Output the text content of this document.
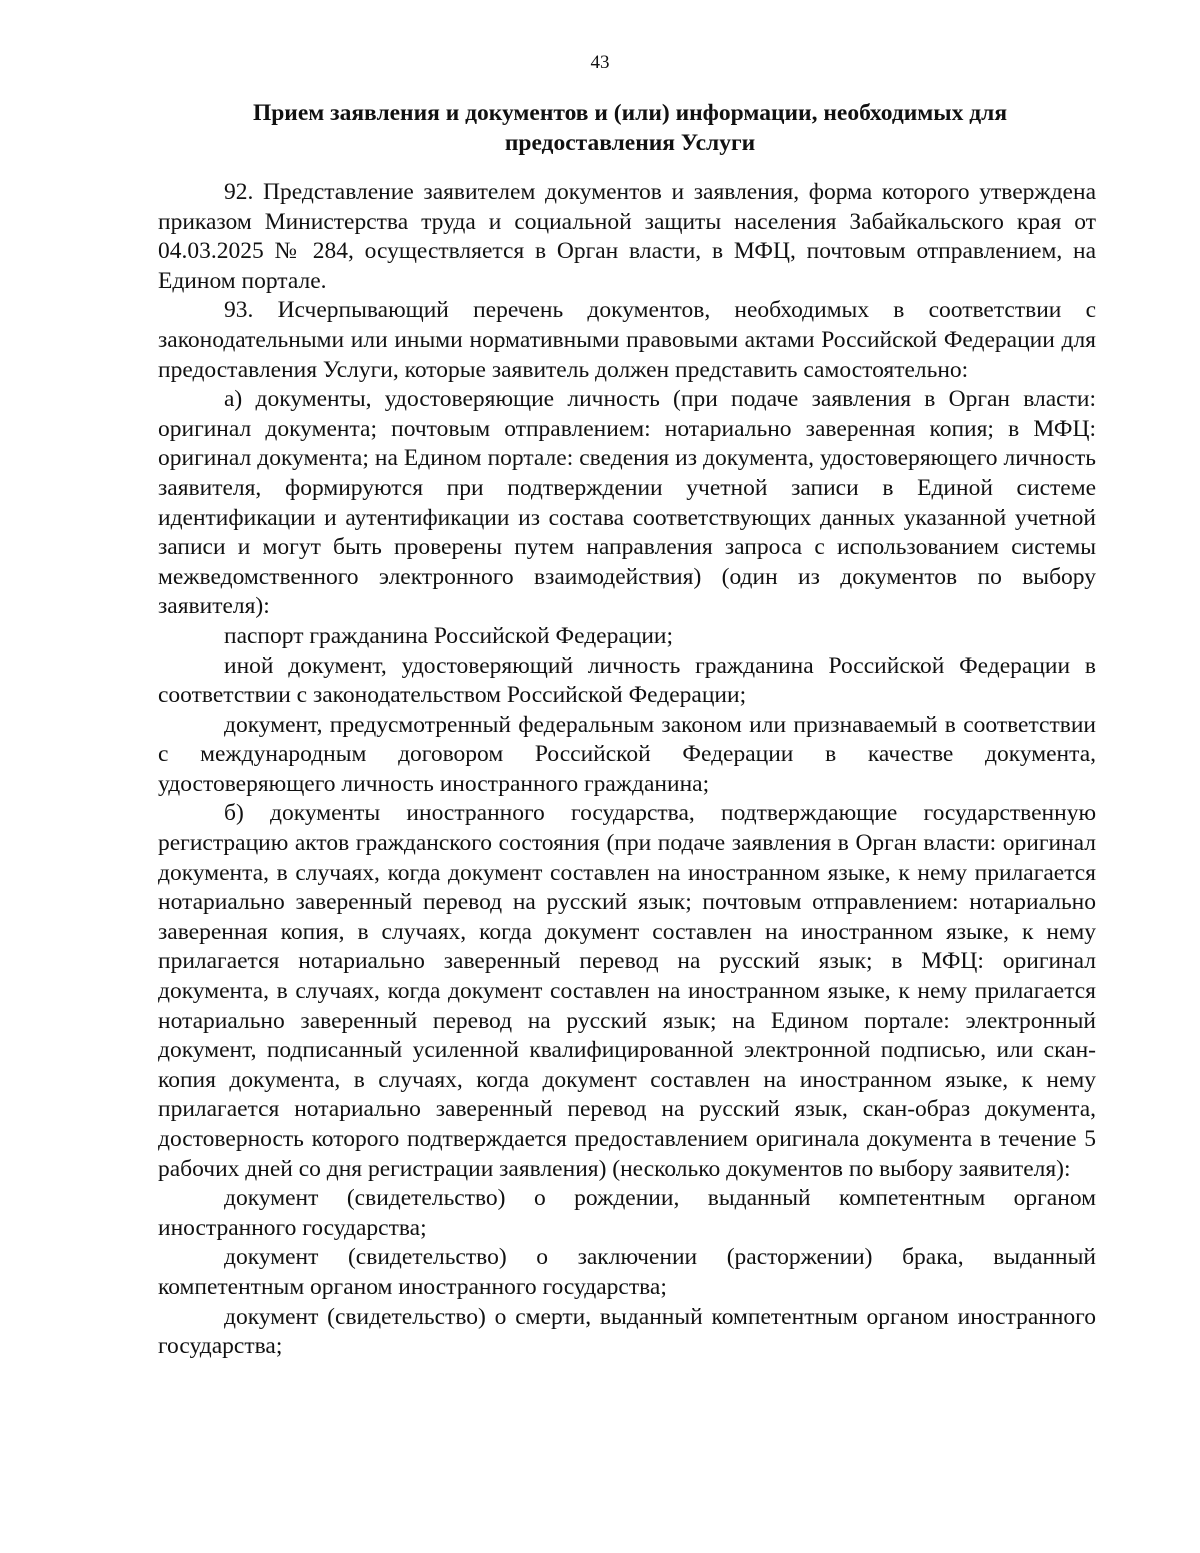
43
Прием заявления и документов и (или) информации, необходимых для предоставления Услуги

92. Представление заявителем документов и заявления, форма которого утверждена приказом Министерства труда и социальной защиты населения Забайкальского края от 04.03.2025 № 284, осуществляется в Орган власти, в МФЦ, почтовым отправлением, на Едином портале.

93. Исчерпывающий перечень документов, необходимых в соответствии с законодательными или иными нормативными правовыми актами Российской Федерации для предоставления Услуги, которые заявитель должен представить самостоятельно:

а) документы, удостоверяющие личность (при подаче заявления в Орган власти: оригинал документа; почтовым отправлением: нотариально заверенная копия; в МФЦ: оригинал документа; на Едином портале: сведения из документа, удостоверяющего личность заявителя, формируются при подтверждении учетной записи в Единой системе идентификации и аутентификации из состава соответствующих данных указанной учетной записи и могут быть проверены путем направления запроса с использованием системы межведомственного электронного взаимодействия) (один из документов по выбору заявителя):

паспорт гражданина Российской Федерации;

иной документ, удостоверяющий личность гражданина Российской Федерации в соответствии с законодательством Российской Федерации;

документ, предусмотренный федеральным законом или признаваемый в соответствии с международным договором Российской Федерации в качестве документа, удостоверяющего личность иностранного гражданина;

б) документы иностранного государства, подтверждающие государственную регистрацию актов гражданского состояния (при подаче заявления в Орган власти: оригинал документа, в случаях, когда документ составлен на иностранном языке, к нему прилагается нотариально заверенный перевод на русский язык; почтовым отправлением: нотариально заверенная копия, в случаях, когда документ составлен на иностранном языке, к нему прилагается нотариально заверенный перевод на русский язык; в МФЦ: оригинал документа, в случаях, когда документ составлен на иностранном языке, к нему прилагается нотариально заверенный перевод на русский язык; на Едином портале: электронный документ, подписанный усиленной квалифицированной электронной подписью, или скан-копия документа, в случаях, когда документ составлен на иностранном языке, к нему прилагается нотариально заверенный перевод на русский язык, скан-образ документа, достоверность которого подтверждается предоставлением оригинала документа в течение 5 рабочих дней со дня регистрации заявления) (несколько документов по выбору заявителя):

документ (свидетельство) о рождении, выданный компетентным органом иностранного государства;

документ (свидетельство) о заключении (расторжении) брака, выданный компетентным органом иностранного государства;

документ (свидетельство) о смерти, выданный компетентным органом иностранного государства;
